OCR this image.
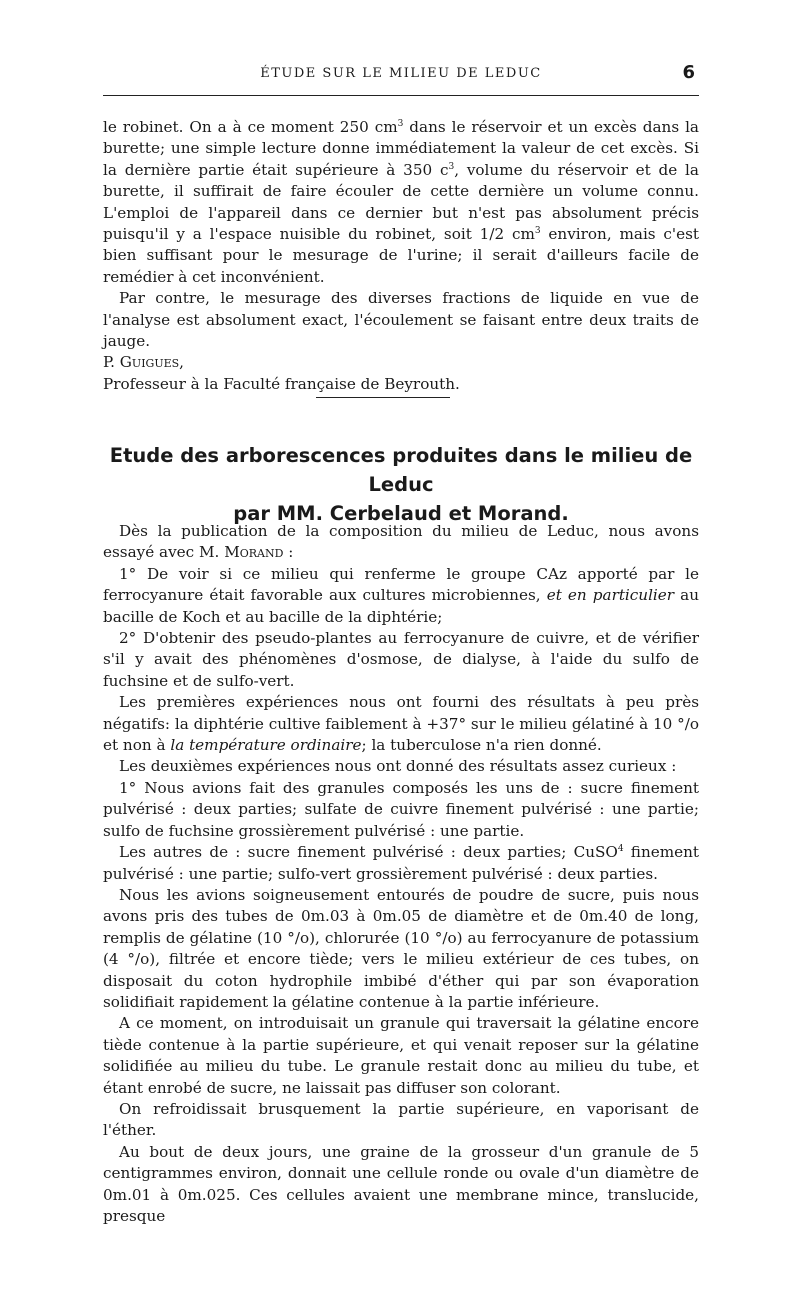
ÉTUDE SUR LE MILIEU DE LEDUC	6

le robinet. On a à ce moment 250 $cm^3$ dans le réservoir et un excès dans la burette; une simple lecture donne immédiatement la valeur de cet excès. Si la dernière partie était supérieure à 350 $c^3$, volume du réservoir et de la burette, il suffirait de faire écouler de cette dernière un volume connu. L'emploi de l'appareil dans ce dernier but n'est pas absolument précis puisqu'il y a l'espace nuisible du robinet, soit 1/2 $cm^3$ environ, mais c'est bien suffisant pour le mesurage de l'urine; il serait d'ailleurs facile de remédier à cet inconvénient.

Par contre, le mesurage des diverses fractions de liquide en vue de l'analyse est absolument exact, l'écoulement se faisant entre deux traits de jauge.

P. Guigues,

Professeur à la Faculté française de Beyrouth.

Etude des arborescences produites dans le milieu de Leduc
par MM. Cerbelaud et Morand.

Dès la publication de la composition du milieu de Leduc, nous avons essayé avec M. Morand :

1° De voir si ce milieu qui renferme le groupe CAz apporté par le ferrocyanure était favorable aux cultures microbiennes, et en particulier au bacille de Koch et au bacille de la diphtérie;

2° D'obtenir des pseudo-plantes au ferrocyanure de cuivre, et de vérifier s'il y avait des phénomènes d'osmose, de dialyse, à l'aide du sulfo de fuchsine et de sulfo-vert.

Les premières expériences nous ont fourni des résultats à peu près négatifs: la diphtérie cultive faiblement à +37° sur le milieu gélatiné à 10 °/o et non à la température ordinaire; la tuberculose n'a rien donné.

Les deuxièmes expériences nous ont donné des résultats assez curieux :

1° Nous avions fait des granules composés les uns de : sucre finement pulvérisé : deux parties; sulfate de cuivre finement pulvérisé : une partie; sulfo de fuchsine grossièrement pulvérisé : une partie.

Les autres de : sucre finement pulvérisé : deux parties; CuSO$^4$ finement pulvérisé : une partie; sulfo-vert grossièrement pulvérisé : deux parties.

Nous les avions soigneusement entourés de poudre de sucre, puis nous avons pris des tubes de 0m.03 à 0m.05 de diamètre et de 0m.40 de long, remplis de gélatine (10 °/o), chlorurée (10 °/o) au ferrocyanure de potassium (4 °/o), filtrée et encore tiède; vers le milieu extérieur de ces tubes, on disposait du coton hydrophile imbibé d'éther qui par son évaporation solidifiait rapidement la gélatine contenue à la partie inférieure.

A ce moment, on introduisait un granule qui traversait la gélatine encore tiède contenue à la partie supérieure, et qui venait reposer sur la gélatine solidifiée au milieu du tube. Le granule restait donc au milieu du tube, et étant enrobé de sucre, ne laissait pas diffuser son colorant.

On refroidissait brusquement la partie supérieure, en vaporisant de l'éther.

Au bout de deux jours, une graine de la grosseur d'un granule de 5 centigrammes environ, donnait une cellule ronde ou ovale d'un diamètre de 0m.01 à 0m.025. Ces cellules avaient une membrane mince, translucide, presque
